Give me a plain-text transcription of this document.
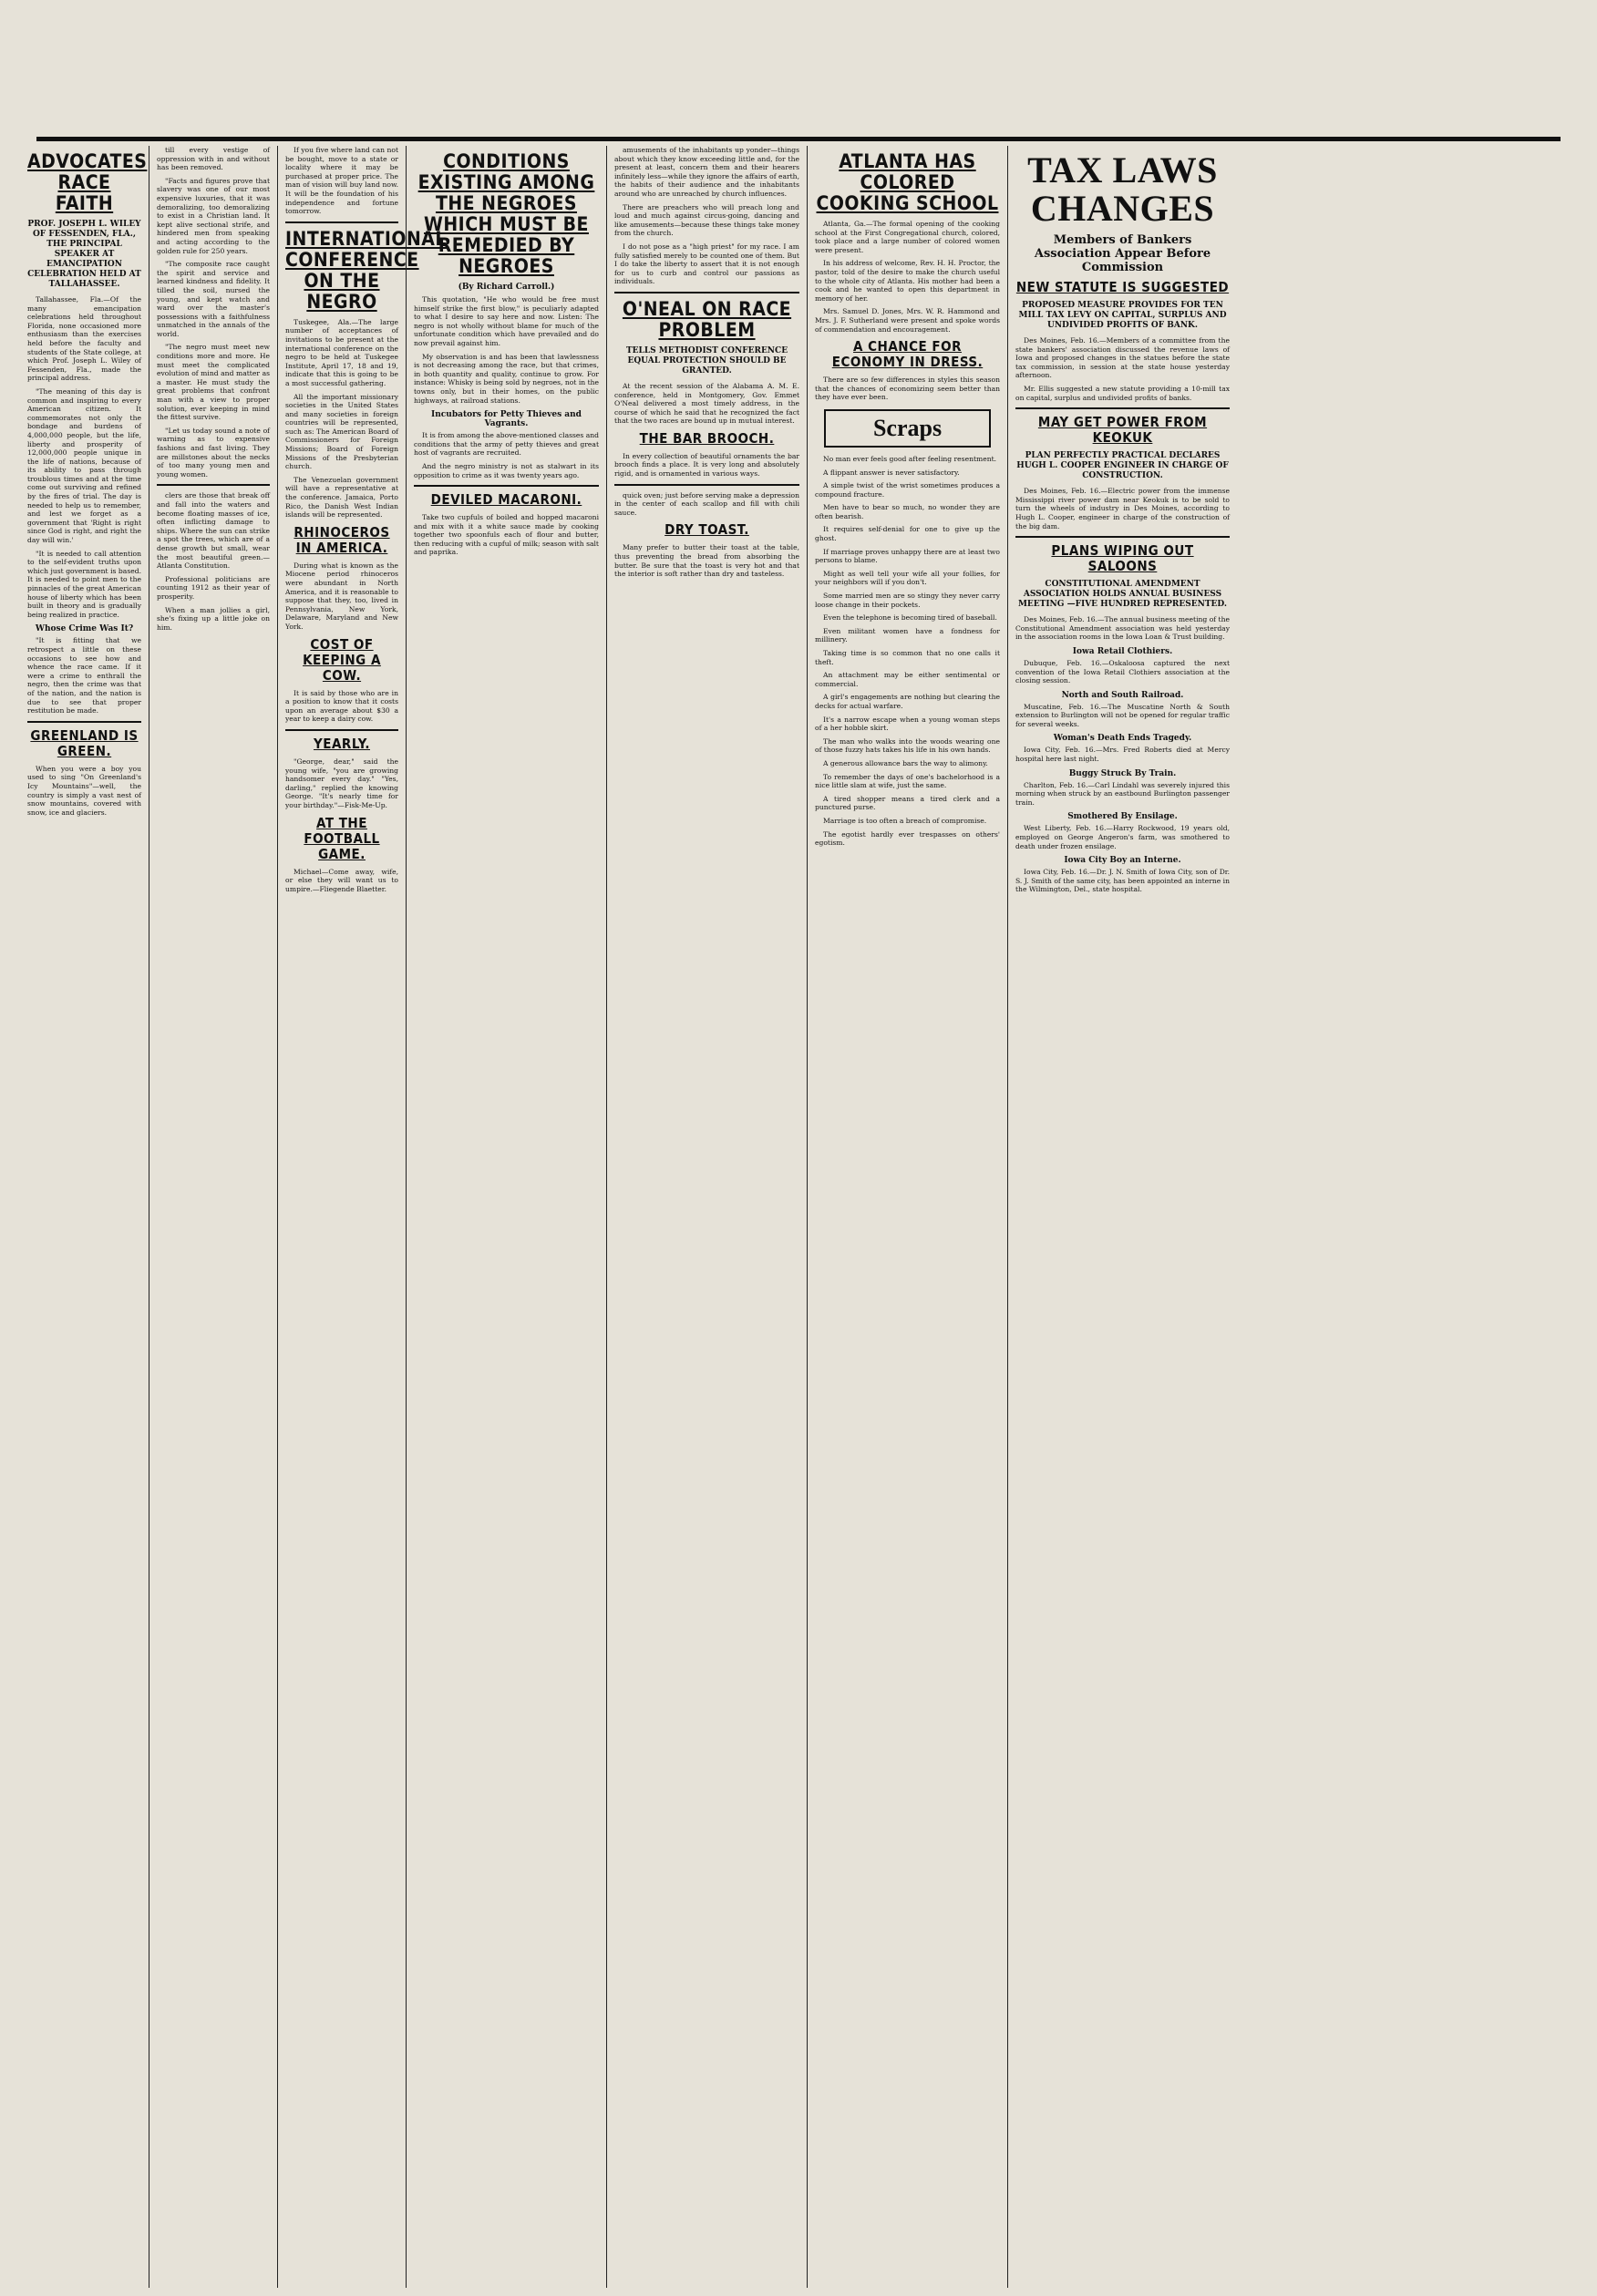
ADVOCATES RACE FAITH
PROF. JOSEPH L. WILEY OF FESSENDEN, FLA., THE PRINCIPAL SPEAKER AT EMANCIPATION CELEBRATION HELD AT TALLAHASSEE.

Tallahassee, Fla.—Of the many emancipation celebrations held throughout Florida, none occasioned more enthusiasm than the exercises held before the faculty and students of the State college, at which Prof. Joseph L. Wiley of Fessenden, Fla., made the principal address.

"The meaning of this day is common and inspiring to every American citizen. It commemorates not only the bondage and burdens of 4,000,000 people, but the life, liberty and prosperity of 12,000,000 people unique in the life of nations, because of its ability to pass through troublous times and at the time come out surviving and refined by the fires of trial. The day is needed to help us to remember, and lest we forget as a government that 'Right is right since God is right, and right the day will win.'

"It is needed to call attention to the self-evident truths upon which just government is based. It is needed to point men to the pinnacles of the great American house of liberty which has been built in theory and is gradually being realized in practice.

Whose Crime Was It?

"It is fitting that we retrospect a little on these occasions to see how and whence the race came. If it were a crime to enthrall the negro, then the crime was that of the nation, and the nation is due to see that proper restitution be made.

GREENLAND IS GREEN.

When you were a boy you used to sing "On Greenland's Icy Mountains"—well, the country is simply a vast nest of snow mountains, covered with snow, ice and glaciers.

till every vestige of oppression with in and without has been removed.

"Facts and figures prove that slavery was one of our most expensive luxuries, that it was demoralizing, too demoralizing to exist in a Christian land. It kept alive sectional strife, and hindered men from speaking and acting according to the golden rule for 250 years.

"The composite race caught the spirit and service and learned kindness and fidelity. It tilled the soil, nursed the young, and kept watch and ward over the master's possessions with a faithfulness unmatched in the annals of the world.

"The negro must meet new conditions more and more. He must meet the complicated evolution of mind and matter as a master. He must study the great problems that confront man with a view to proper solution, ever keeping in mind the fittest survive.

"Let us today sound a note of warning as to expensive fashions and fast living. They are millstones about the necks of too many young men and young women.

clers are those that break off and fall into the waters and become floating masses of ice, often inflicting damage to ships. Where the sun can strike a spot the trees, which are of a dense growth but small, wear the most beautiful green.—Atlanta Constitution.

Professional politicians are counting 1912 as their year of prosperity.

When a man jollies a girl, she's fixing up a little joke on him.

If you five where land can not be bought, move to a state or locality where it may be purchased at proper price. The man of vision will buy land now. It will be the foundation of his independence and fortune tomorrow.

INTERNATIONAL CONFERENCE ON THE NEGRO

Tuskegee, Ala.—The large number of acceptances of invitations to be present at the international conference on the negro to be held at Tuskegee Institute, April 17, 18 and 19, indicate that this is going to be a most successful gathering.

All the important missionary societies in the United States and many societies in foreign countries will be represented, such as: The American Board of Commissioners for Foreign Missions; Board of Foreign Missions of the Presbyterian church.

The Venezuelan government will have a representative at the conference. Jamaica, Porto Rico, the Danish West Indian islands will be represented.

RHINOCEROS IN AMERICA.

During what is known as the Miocene period rhinoceros were abundant in North America, and it is reasonable to suppose that they, too, lived in Pennsylvania, New York, Delaware, Maryland and New York.

COST OF KEEPING A COW.

It is said by those who are in a position to know that it costs upon an average about $30 a year to keep a dairy cow.

YEARLY.

"George, dear," said the young wife, "you are growing handsomer every day." "Yes, darling," replied the knowing George. "It's nearly time for your birthday."—Fisk-Me-Up.

AT THE FOOTBALL GAME.

Michael—Come away, wife, or else they will want us to umpire.—Fliegende Blaetter.

CONDITIONS EXISTING AMONG THE NEGROES WHICH MUST BE REMEDIED BY NEGROES
(By Richard Carroll.)

This quotation, "He who would be free must himself strike the first blow," is peculiarly adapted to what I desire to say here and now. Listen: The negro is not wholly without blame for much of the unfortunate condition which have prevailed and do now prevail against him.

My observation is and has been that lawlessness is not decreasing among the race, but that crimes, in both quantity and quality, continue to grow. For instance: Whisky is being sold by negroes, not in the towns only, but in their homes, on the public highways, at railroad stations.

Incubators for Petty Thieves and Vagrants.

It is from among the above-mentioned classes and conditions that the army of petty thieves and great host of vagrants are recruited.

And the negro ministry is not as stalwart in its opposition to crime as it was twenty years ago.

DEVILED MACARONI.

Take two cupfuls of boiled and hopped macaroni and mix with it a white sauce made by cooking together two spoonfuls each of flour and butter, then reducing with a cupful of milk; season with salt and paprika.

amusements of the inhabitants up yonder—things about which they know exceeding little and, for the present at least, concern them and their hearers infinitely less—while they ignore the affairs of earth, the habits of their audience and the inhabitants around who are unreached by church influences.

There are preachers who will preach long and loud and much against circus-going, dancing and like amusements—because these things take money from the church.

I do not pose as a "high priest" for my race. I am fully satisfied merely to be counted one of them. But I do take the liberty to assert that it is not enough for us to curb and control our passions as individuals.

O'NEAL ON RACE PROBLEM
TELLS METHODIST CONFERENCE EQUAL PROTECTION SHOULD BE GRANTED.

At the recent session of the Alabama A. M. E. conference, held in Montgomery, Gov. Emmet O'Neal delivered a most timely address, in the course of which he said that he recognized the fact that the two races are bound up in mutual interest.

THE BAR BROOCH.

In every collection of beautiful ornaments the bar brooch finds a place. It is very long and absolutely rigid, and is ornamented in various ways.

quick oven; just before serving make a depression in the center of each scallop and fill with chili sauce.

DRY TOAST.

Many prefer to butter their toast at the table, thus preventing the bread from absorbing the butter. Be sure that the toast is very hot and that the interior is soft rather than dry and tasteless.

ATLANTA HAS COLORED COOKING SCHOOL

Atlanta, Ga.—The formal opening of the cooking school at the First Congregational church, colored, took place and a large number of colored women were present.

In his address of welcome, Rev. H. H. Proctor, the pastor, told of the desire to make the church useful to the whole city of Atlanta. His mother had been a cook and he wanted to open this department in memory of her.

Mrs. Samuel D. Jones, Mrs. W. R. Hammond and Mrs. J. F. Sutherland were present and spoke words of commendation and encouragement.

A CHANCE FOR ECONOMY IN DRESS.

There are so few differences in styles this season that the chances of economizing seem better than they have ever been.

Scraps

No man ever feels good after feeling resentment.

A flippant answer is never satisfactory.

A simple twist of the wrist sometimes produces a compound fracture.

Men have to bear so much, no wonder they are often bearish.

It requires self-denial for one to give up the ghost.

If marriage proves unhappy there are at least two persons to blame.

Might as well tell your wife all your follies, for your neighbors will if you don't.

Some married men are so stingy they never carry loose change in their pockets.

Even the telephone is becoming tired of baseball.

Even militant women have a fondness for millinery.

Taking time is so common that no one calls it theft.

An attachment may be either sentimental or commercial.

A girl's engagements are nothing but clearing the decks for actual warfare.

It's a narrow escape when a young woman steps of a her hobble skirt.

The man who walks into the woods wearing one of those fuzzy hats takes his life in his own hands.

A generous allowance bars the way to alimony.

To remember the days of one's bachelorhood is a nice little slam at wife, just the same.

A tired shopper means a tired clerk and a punctured purse.

Marriage is too often a breach of compromise.

The egotist hardly ever trespasses on others' egotism.

TAX LAWS CHANGES
Members of Bankers Association Appear Before Commission
NEW STATUTE IS SUGGESTED
PROPOSED MEASURE PROVIDES FOR TEN MILL TAX LEVY ON CAPITAL, SURPLUS AND UNDIVIDED PROFITS OF BANK.

Des Moines, Feb. 16.—Members of a committee from the state bankers' association discussed the revenue laws of Iowa and proposed changes in the statues before the state tax commission, in session at the state house yesterday afternoon.

Mr. Ellis suggested a new statute providing a 10-mill tax on capital, surplus and undivided profits of banks.

MAY GET POWER FROM KEOKUK
PLAN PERFECTLY PRACTICAL DECLARES HUGH L. COOPER ENGINEER IN CHARGE OF CONSTRUCTION.

Des Moines, Feb. 16.—Electric power from the immense Mississippi river power dam near Keokuk is to be sold to turn the wheels of industry in Des Moines, according to Hugh L. Cooper, engineer in charge of the construction of the big dam.

PLANS WIPING OUT SALOONS
CONSTITUTIONAL AMENDMENT ASSOCIATION HOLDS ANNUAL BUSINESS MEETING —FIVE HUNDRED REPRESENTED.

Des Moines, Feb. 16.—The annual business meeting of the Constitutional Amendment association was held yesterday in the association rooms in the Iowa Loan & Trust building.

Iowa Retail Clothiers.

Dubuque, Feb. 16.—Oskaloosa captured the next convention of the Iowa Retail Clothiers association at the closing session.

North and South Railroad.

Muscatine, Feb. 16.—The Muscatine North & South extension to Burlington will not be opened for regular traffic for several weeks.

Woman's Death Ends Tragedy.

Iowa City, Feb. 16.—Mrs. Fred Roberts died at Mercy hospital here last night.

Buggy Struck By Train.

Charlton, Feb. 16.—Carl Lindahl was severely injured this morning when struck by an eastbound Burlington passenger train.

Smothered By Ensilage.

West Liberty, Feb. 16.—Harry Rockwood, 19 years old, employed on George Angeron's farm, was smothered to death under frozen ensilage.

Iowa City Boy an Interne.

Iowa City, Feb. 16.—Dr. J. N. Smith of Iowa City, son of Dr. S. J. Smith of the same city, has been appointed an interne in the Wilmington, Del., state hospital.
